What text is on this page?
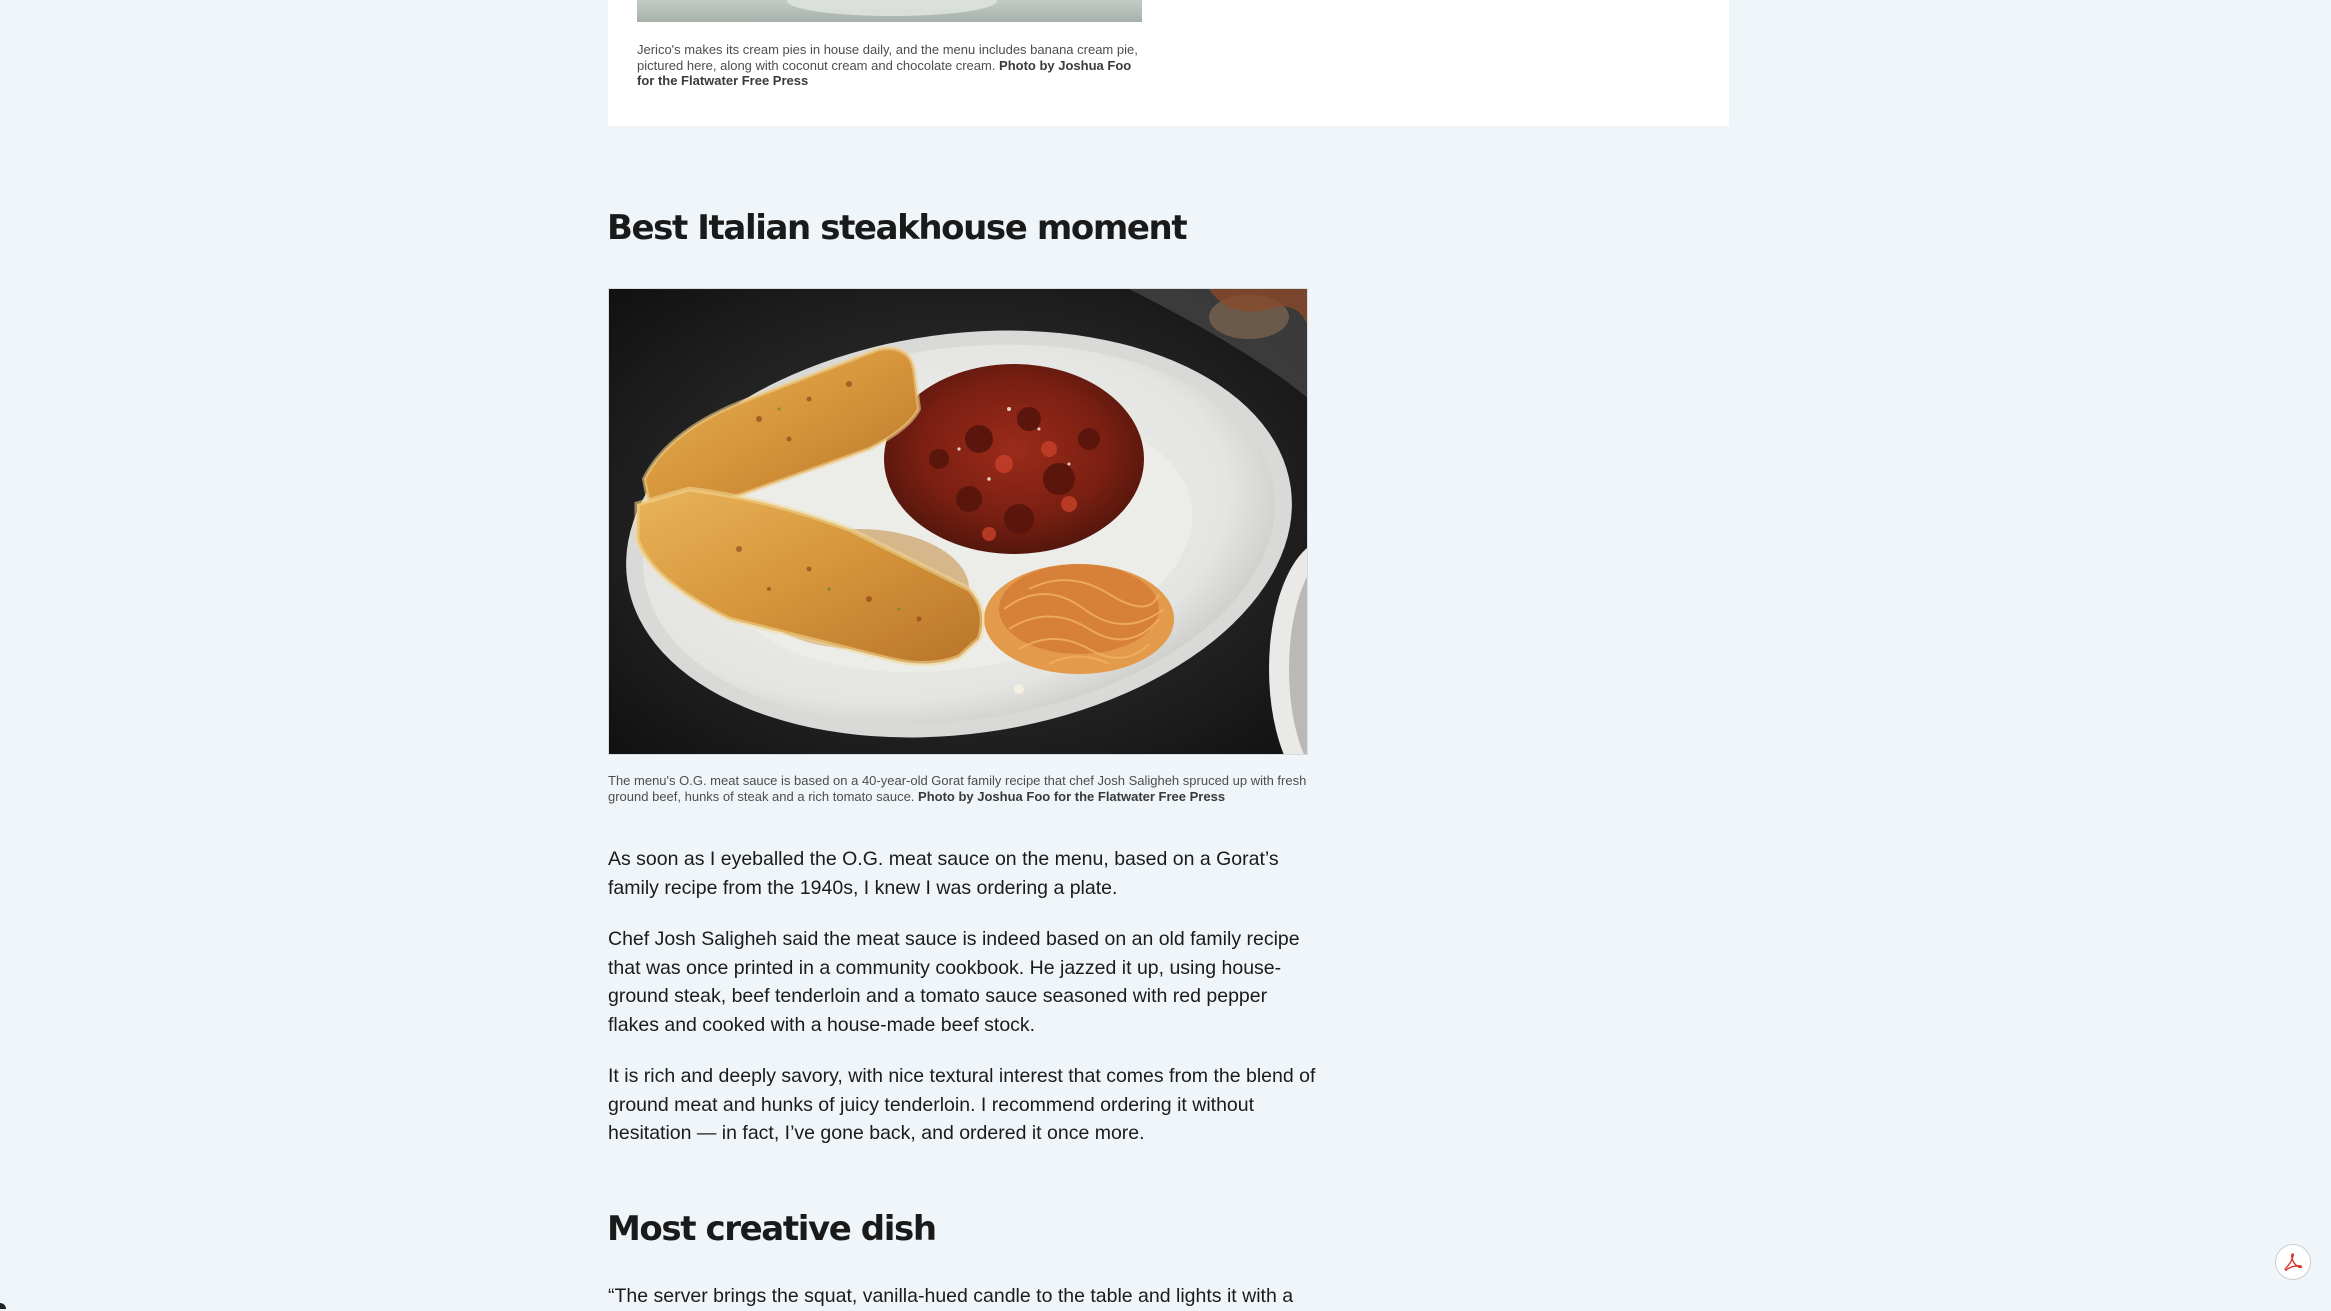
Jerico's makes its cream pies in house daily, and the menu includes banana cream pie, pictured here, along with coconut cream and chocolate cream. Photo by Joshua Foo for the Flatwater Free Press
Best Italian steakhouse moment
The menu's O.G. meat sauce is based on a 40-year-old Gorat family recipe that chef Josh Saligheh spruced up with fresh ground beef, hunks of steak and a rich tomato sauce. Photo by Joshua Foo for the Flatwater Free Press

As soon as I eyeballed the O.G. meat sauce on the menu, based on a Gorat’s family recipe from the 1940s, I knew I was ordering a plate.

Chef Josh Saligheh said the meat sauce is indeed based on an old family recipe that was once printed in a community cookbook. He jazzed it up, using house-ground steak, beef tenderloin and a tomato sauce seasoned with red pepper flakes and cooked with a house-made beef stock.

It is rich and deeply savory, with nice textural interest that comes from the blend of ground meat and hunks of juicy tenderloin. I recommend ordering it without hesitation — in fact, I’ve gone back, and ordered it once more.

Most creative dish

“The server brings the squat, vanilla-hued candle to the table and lights it with a
